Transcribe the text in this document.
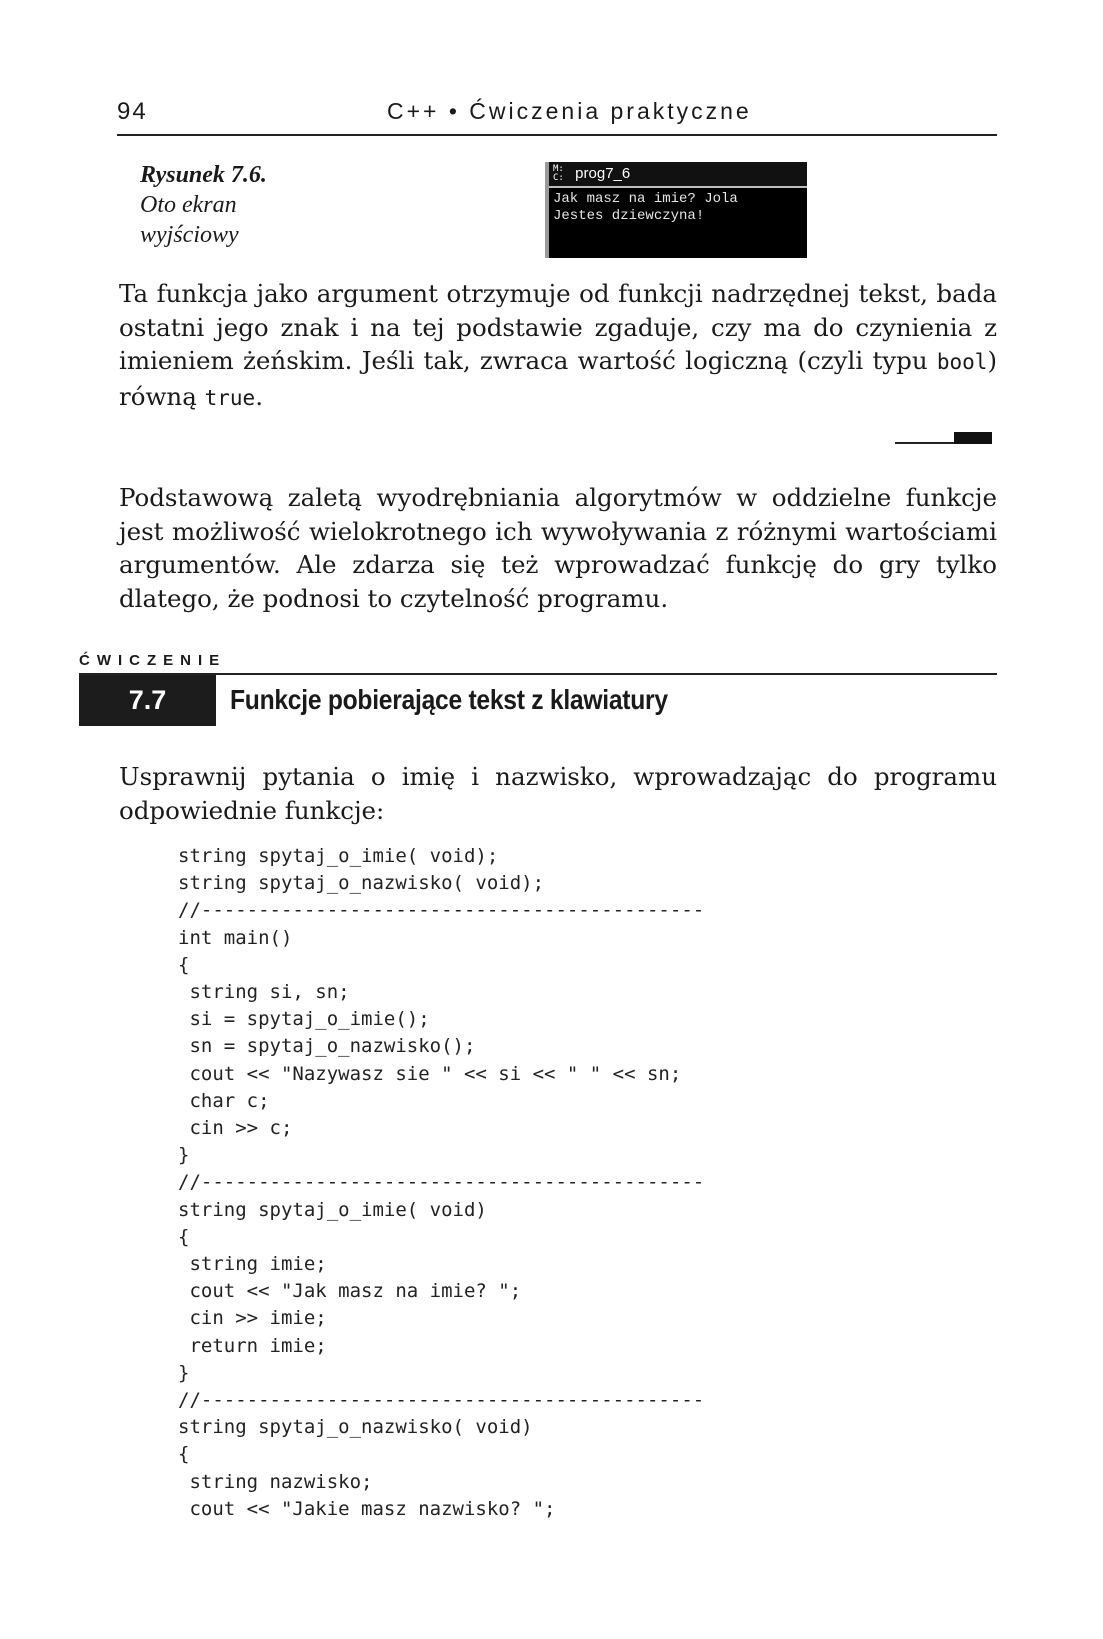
94	C++ • Ćwiczenia praktyczne
Rysunek 7.6.
Oto ekran
wyjściowy
M:
C: prog7_6
Jak masz na imie? Jola
Jestes dziewczyna!

Ta funkcja jako argument otrzymuje od funkcji nadrzędnej tekst, bada ostatni jego znak i na tej podstawie zgaduje, czy ma do czynienia z imieniem żeńskim. Jeśli tak, zwraca wartość logiczną (czyli typu bool) równą true.

Podstawową zaletą wyodrębniania algorytmów w oddzielne funkcje jest możliwość wielokrotnego ich wywoływania z różnymi wartościami argumentów. Ale zdarza się też wprowadzać funkcję do gry tylko dlatego, że podnosi to czytelność programu.

ĆWICZENIE
7.7	Funkcje pobierające tekst z klawiatury

Usprawnij pytania o imię i nazwisko, wprowadzając do programu odpowiednie funkcje:

string spytaj_o_imie( void);
string spytaj_o_nazwisko( void);
//--------------------------------------------
int main()
{
string si, sn;
si = spytaj_o_imie();
sn = spytaj_o_nazwisko();
cout << "Nazywasz sie " << si << " " << sn;
char c;
cin >> c;
}
//--------------------------------------------
string spytaj_o_imie( void)
{
string imie;
cout << "Jak masz na imie? ";
cin >> imie;
return imie;
}
//--------------------------------------------
string spytaj_o_nazwisko( void)
{
string nazwisko;
cout << "Jakie masz nazwisko? ";
